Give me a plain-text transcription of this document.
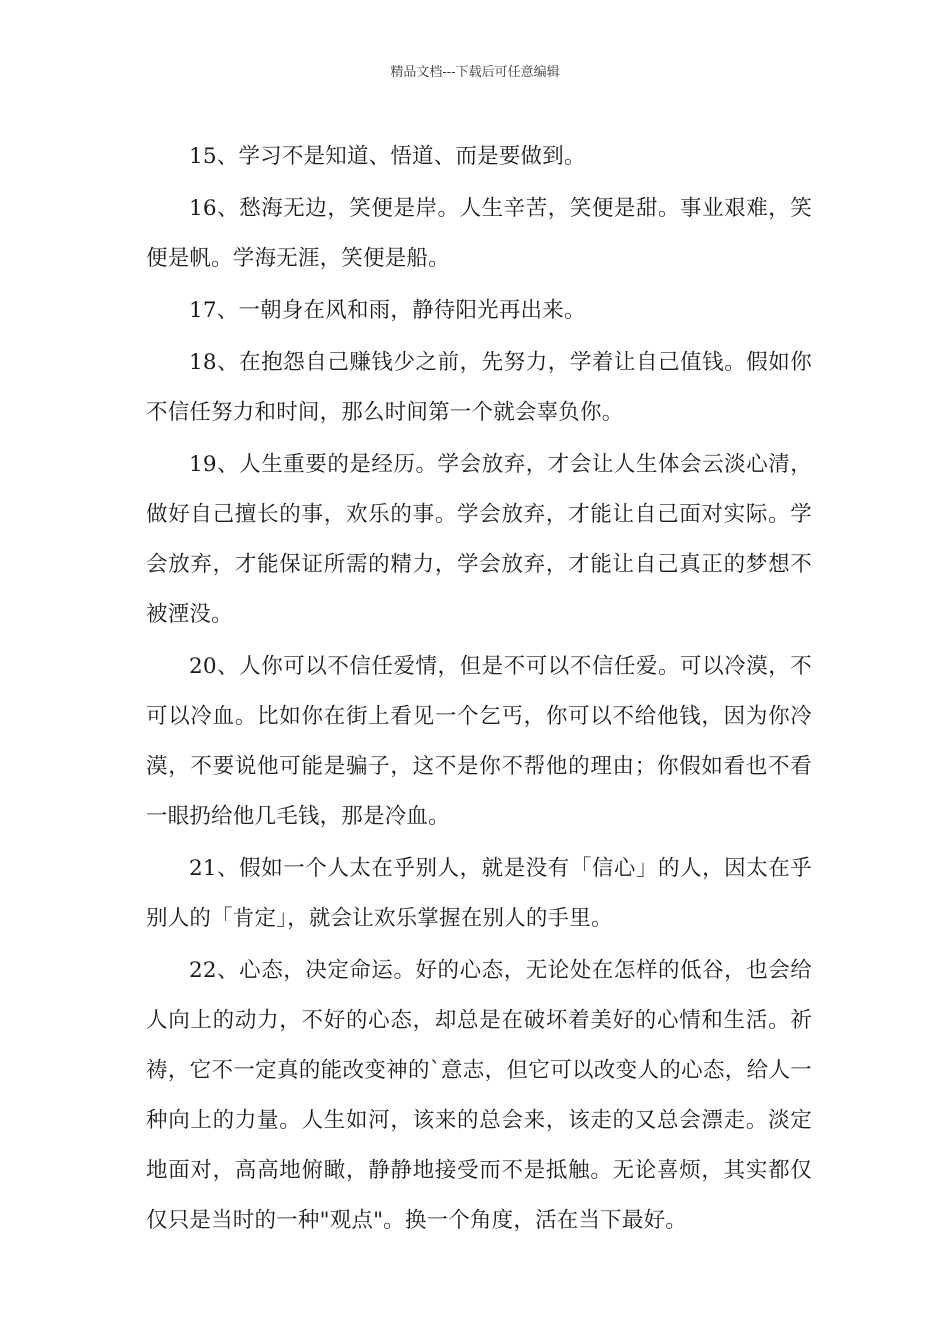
精品文档---下载后可任意编辑

15、学习不是知道、悟道、而是要做到。

16、愁海无边，笑便是岸。人生辛苦，笑便是甜。事业艰难，笑便是帆。学海无涯，笑便是船。

17、一朝身在风和雨，静待阳光再出来。

18、在抱怨自己赚钱少之前，先努力，学着让自己值钱。假如你不信任努力和时间，那么时间第一个就会辜负你。

19、人生重要的是经历。学会放弃，才会让人生体会云淡心清，做好自己擅长的事，欢乐的事。学会放弃，才能让自己面对实际。学会放弃，才能保证所需的精力，学会放弃，才能让自己真正的梦想不被湮没。

20、人你可以不信任爱情，但是不可以不信任爱。可以冷漠，不可以冷血。比如你在街上看见一个乞丐，你可以不给他钱，因为你冷漠，不要说他可能是骗子，这不是你不帮他的理由；你假如看也不看一眼扔给他几毛钱，那是冷血。

21、假如一个人太在乎别人，就是没有「信心」的人，因太在乎别人的「肯定」，就会让欢乐掌握在别人的手里。

22、心态，决定命运。好的心态，无论处在怎样的低谷，也会给人向上的动力，不好的心态，却总是在破坏着美好的心情和生活。祈祷，它不一定真的能改变神的`意志，但它可以改变人的心态，给人一种向上的力量。人生如河，该来的总会来，该走的又总会漂走。淡定地面对，高高地俯瞰，静静地接受而不是抵触。无论喜烦，其实都仅仅只是当时的一种"观点"。换一个角度，活在当下最好。
